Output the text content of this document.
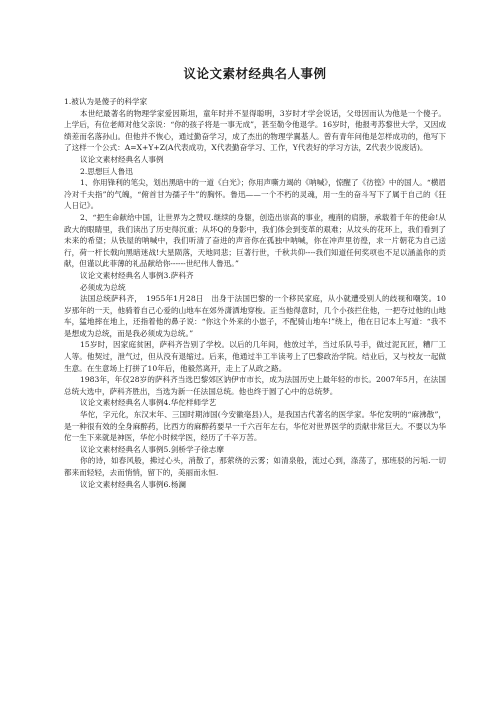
议论文素材经典名人事例

1.被认为是傻子的科学家

本世纪最著名的物理学家爱因斯坦，童年时并不显得聪明，3岁时才学会说话，父母因而认为他是一个傻子。上学后，有位老师对他父亲说：“你的孩子将是一事无成”，甚至勒令他退学。16岁时，他报考苏黎世大学，又因成绩差而名落孙山。但他并不恢心，通过勤奋学习，成了杰出的物理学翼基人。曾有青年问他是怎样成功的，他写下了这样一个公式：A=X+Y+Z(A代表成功，X代表勤奋学习、工作，Y代表好的学习方法，Z代表少说废话)。

议论文素材经典名人事例

2.思想巨人鲁迅

1、你用锋利的笔尖，划出黑暗中的一道《白光》；你用声嘶力竭的《呐喊》，惊醒了《彷徨》中的国人。“横眉冷对千夫指”的气魄，“俯首甘为孺子牛”的胸怀。鲁迅——一个不朽的灵魂，用一生的奋斗写下了属于自己的《狂人日记》。

2、“把生命献给中国，让世界为之赞叹.继续的身躯，创造出崇高的事业，瘦削的肩膀，承载着千年的使命!从政大的眼睛里，我们读出了历史得沉重；从坏Q的身影中，我们体会到变革的艰难；从坟头的花环上，我们看到了未来的希望；从铁屋的呐喊中，我们听清了奋进的声音你在孤独中呐喊，你在冲声里彷徨，求一片朝花为自己送行，荷一杆长戟向黑暗迷战!大星陨落，天地同悲；巨著行世，千秋共仰----我们知道任何奖项也不足以涵盖你的贡献，但谨以此菲薄的礼品献给你------世纪伟人鲁迅。”

议论文素材经典名人事例3.萨科齐

必须成为总统

法国总统萨科齐，　1955年1月28日　出身于法国巴黎的一个移民家庭，从小就遭受别人的歧视和嘲笑。10岁那年的一天，他骑着自己心爱的山地车在郊外潇洒地穿梭。正当他得意时，几个小孩拦住他，一把夺过他的山地车，猛地摔在地上，还指着他的鼻子说：“你这个外来的小崽子，不配骑山地车!”绕上，他在日记本上写道：“我不是想成为总统，而是我必须成为总统。”

15岁时，因家庭贫困，萨科齐告别了学校。以后的几年间，他放过羊，当过乐队号手，做过泥瓦匠，糟厂工人等。他契过，泄气过，但从没有退缩过。后来，他通过半工半读考上了巴黎政治学院。结业后，又与校友一起做生意。在生意场上打拼了10年后，他毅然离开，走上了从政之路。

1983年，年仅28岁的萨科齐当选巴黎郊区讷伊市市长，成为法国历史上最年轻的市长。2007年5月，在法国总统大选中，萨科齐胜出，当选为新一任法国总统。他也终于圆了心中的总统梦。

议论文素材经典名人事例4.华佗样师学艺

华佗，字元化，东汉末年、三国时期沛国(今安徽亳县)人，是我国古代著名的医学家。华佗发明的“麻沸散”，是一种很有效的全身麻醉药，比西方的麻醉药要早一千六百年左右，华佗对世界医学的贡献非常巨大。不要以为华佗一生下来就是神医，华佗小时候学医，经历了千辛万苦。

议论文素材经典名人事例5.剑桥学子徐志摩

你的诗，如春风般，拂过心头，消散了，那萦绕的云雾；如清泉般，流过心到，涤荡了，那班驳的污垢.一切都来而轻轻，去而悄悄，留下的，美丽而永恒.

议论文素材经典名人事例6.杨澜
